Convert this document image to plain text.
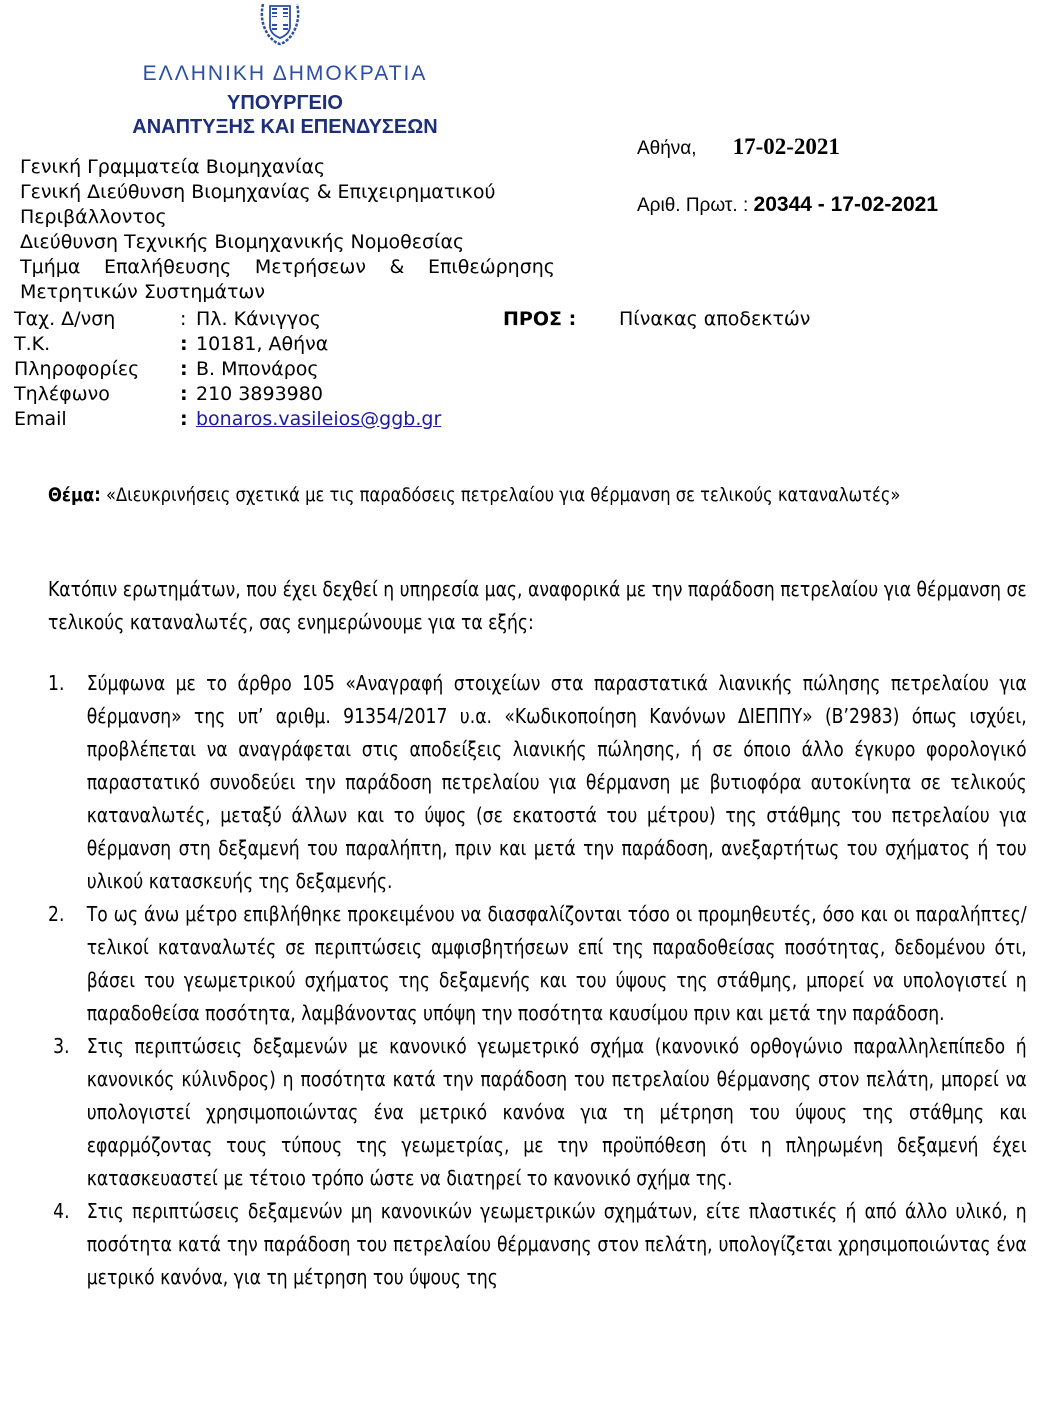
ΕΛΛΗΝΙΚΗ ΔΗΜΟΚΡΑΤΙΑ
ΥΠΟΥΡΓΕΙΟ
ΑΝΑΠΤΥΞΗΣ ΚΑΙ ΕΠΕΝΔΥΣΕΩΝ
Γενική Γραμματεία Βιομηχανίας
Γενική Διεύθυνση Βιομηχανίας & Επιχειρηματικού
Περιβάλλοντος
Διεύθυνση Τεχνικής Βιομηχανικής Νομοθεσίας
Τμήμα Επαλήθευσης Μετρήσεων & Επιθεώρησης
Μετρητικών Συστημάτων
Αθήνα, 17-02-2021
Αριθ. Πρωτ. : 20344 - 17-02-2021
Ταχ. Δ/νση	: Πλ. Κάνιγγος
Τ.Κ.	: 10181, Αθήνα
Πληροφορίες	: Β. Μπονάρος
Τηλέφωνο	: 210 3893980
Email	: bonaros.vasileios@ggb.gr
ΠΡΟΣ : Πίνακας αποδεκτών
Θέμα: «Διευκρινήσεις σχετικά με τις παραδόσεις πετρελαίου για θέρμανση σε τελικούς καταναλωτές»
Κατόπιν ερωτημάτων, που έχει δεχθεί η υπηρεσία μας, αναφορικά με την παράδοση πετρελαίου για θέρμανση σε τελικούς καταναλωτές, σας ενημερώνουμε για τα εξής:
1.	Σύμφωνα με το άρθρο 105 «Αναγραφή στοιχείων στα παραστατικά λιανικής πώλησης πετρελαίου για θέρμανση» της υπ’ αριθμ. 91354/2017 υ.α. «Κωδικοποίηση Κανόνων ΔΙΕΠΠΥ» (Β’2983) όπως ισχύει, προβλέπεται να αναγράφεται στις αποδείξεις λιανικής πώλησης, ή σε όποιο άλλο έγκυρο φορολογικό παραστατικό συνοδεύει την παράδοση πετρελαίου για θέρμανση με βυτιοφόρα αυτοκίνητα σε τελικούς καταναλωτές, μεταξύ άλλων και το ύψος (σε εκατοστά του μέτρου) της στάθμης του πετρελαίου για θέρμανση στη δεξαμενή του παραλήπτη, πριν και μετά την παράδοση, ανεξαρτήτως του σχήματος ή του υλικού κατασκευής της δεξαμενής.
2.	Το ως άνω μέτρο επιβλήθηκε προκειμένου να διασφαλίζονται τόσο οι προμηθευτές, όσο και οι παραλήπτες/τελικοί καταναλωτές σε περιπτώσεις αμφισβητήσεων επί της παραδοθείσας ποσότητας, δεδομένου ότι, βάσει του γεωμετρικού σχήματος της δεξαμενής και του ύψους της στάθμης, μπορεί να υπολογιστεί η παραδοθείσα ποσότητα, λαμβάνοντας υπόψη την ποσότητα καυσίμου πριν και μετά την παράδοση.
3. Στις περιπτώσεις δεξαμενών με κανονικό γεωμετρικό σχήμα (κανονικό ορθογώνιο παραλληλεπίπεδο ή κανονικός κύλινδρος) η ποσότητα κατά την παράδοση του πετρελαίου θέρμανσης στον πελάτη, μπορεί να υπολογιστεί χρησιμοποιώντας ένα μετρικό κανόνα για τη μέτρηση του ύψους της στάθμης και εφαρμόζοντας τους τύπους της γεωμετρίας, με την προϋπόθεση ότι η πληρωμένη δεξαμενή έχει κατασκευαστεί με τέτοιο τρόπο ώστε να διατηρεί το κανονικό σχήμα της.
4. Στις περιπτώσεις δεξαμενών μη κανονικών γεωμετρικών σχημάτων, είτε πλαστικές ή από άλλο υλικό, η ποσότητα κατά την παράδοση του πετρελαίου θέρμανσης στον πελάτη, υπολογίζεται χρησιμοποιώντας ένα μετρικό κανόνα, για τη μέτρηση του ύψους της
